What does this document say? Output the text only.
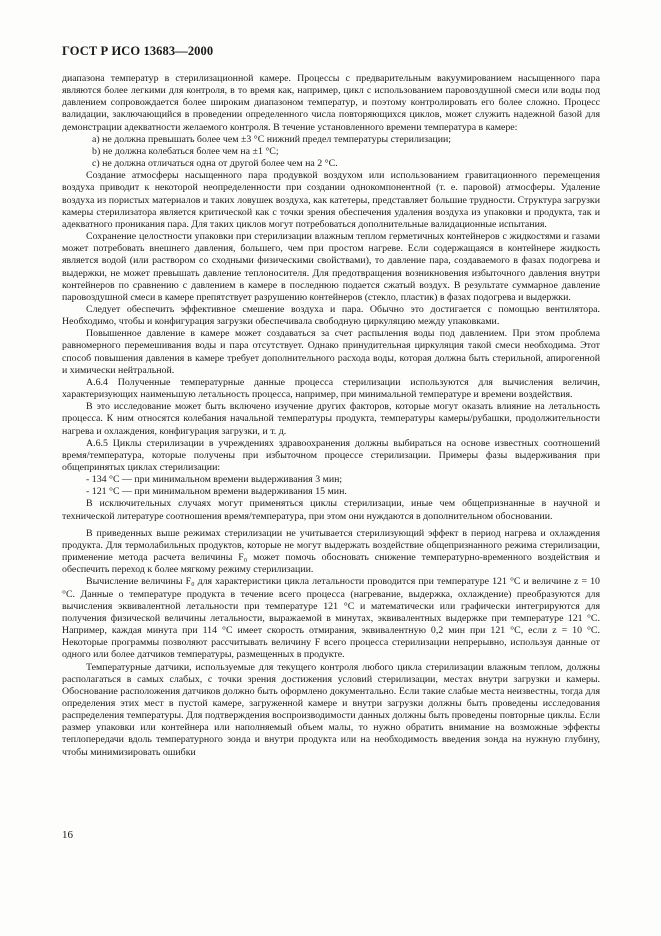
ГОСТ Р ИСО 13683—2000

диапазона температур в стерилизационной камере. Процессы с предварительным вакуумированием насыщенного пара являются более легкими для контроля, в то время как, например, цикл с использованием паровоздушной смеси или воды под давлением сопровождается более широким диапазоном температур, и поэтому контролировать его более сложно. Процесс валидации, заключающийся в проведении определенного числа повторяющихся циклов, может служить надежной базой для демонстрации адекватности желаемого контроля. В течение установленного времени температура в камере:

a) не должна превышать более чем ±3 °С нижний предел температуры стерилизации;

b) не должна колебаться более чем на ±1 °С;

c) не должна отличаться одна от другой более чем на 2 °С.

Создание атмосферы насыщенного пара продувкой воздухом или использованием гравитационного перемещения воздуха приводит к некоторой неопределенности при создании однокомпонентной (т. е. паровой) атмосферы. Удаление воздуха из пористых материалов и таких ловушек воздуха, как катетеры, представляет большие трудности. Структура загрузки камеры стерилизатора является критической как с точки зрения обеспечения удаления воздуха из упаковки и продукта, так и адекватного проникания пара. Для таких циклов могут потребоваться дополнительные валидационные испытания.

Сохранение целостности упаковки при стерилизации влажным теплом герметичных контейнеров с жидкостями и газами может потребовать внешнего давления, большего, чем при простом нагреве. Если содержащаяся в контейнере жидкость является водой (или раствором со сходными физическими свойствами), то давление пара, создаваемого в фазах подогрева и выдержки, не может превышать давление теплоносителя. Для предотвращения возникновения избыточного давления внутри контейнеров по сравнению с давлением в камере в последнюю подается сжатый воздух. В результате суммарное давление паровоздушной смеси в камере препятствует разрушению контейнеров (стекло, пластик) в фазах подогрева и выдержки.

Следует обеспечить эффективное смешение воздуха и пара. Обычно это достигается с помощью вентилятора. Необходимо, чтобы и конфигурация загрузки обеспечивала свободную циркуляцию между упаковками.

Повышенное давление в камере может создаваться за счет распыления воды под давлением. При этом проблема равномерного перемешивания воды и пара отсутствует. Однако принудительная циркуляция такой смеси необходима. Этот способ повышения давления в камере требует дополнительного расхода воды, которая должна быть стерильной, апирогенной и химически нейтральной.

А.6.4 Полученные температурные данные процесса стерилизации используются для вычисления величин, характеризующих наименьшую летальность процесса, например, при минимальной температуре и времени воздействия.

В это исследование может быть включено изучение других факторов, которые могут оказать влияние на летальность процесса. К ним относятся колебания начальной температуры продукта, температуры камеры/рубашки, продолжительности нагрева и охлаждения, конфигурация загрузки, и т. д.

А.6.5 Циклы стерилизации в учреждениях здравоохранения должны выбираться на основе известных соотношений время/температура, которые получены при избыточном процессе стерилизации. Примеры фазы выдерживания при общепринятых циклах стерилизации:

- 134 °С — при минимальном времени выдерживания 3 мин;

- 121 °С — при минимальном времени выдерживания 15 мин.

В исключительных случаях могут применяться циклы стерилизации, иные чем общепризнанные в научной и технической литературе соотношения время/температура, при этом они нуждаются в дополнительном обосновании.

В приведенных выше режимах стерилизации не учитывается стерилизующий эффект в период нагрева и охлаждения продукта. Для термолабильных продуктов, которые не могут выдержать воздействие общепризнанного режима стерилизации, применение метода расчета величины F₀ может помочь обосновать снижение температурно-временного воздействия и обеспечить переход к более мягкому режиму стерилизации.

Вычисление величины F₀ для характеристики цикла летальности проводится при температуре 121 °С и величине z = 10 °С. Данные о температуре продукта в течение всего процесса (нагревание, выдержка, охлаждение) преобразуются для вычисления эквивалентной летальности при температуре 121 °С и математически или графически интегрируются для получения физической величины летальности, выражаемой в минутах, эквивалентных выдержке при температуре 121 °С. Например, каждая минута при 114 °С имеет скорость отмирания, эквивалентную 0,2 мин при 121 °С, если z = 10 °С. Некоторые программы позволяют рассчитывать величину F всего процесса стерилизации непрерывно, используя данные от одного или более датчиков температуры, размещенных в продукте.

Температурные датчики, используемые для текущего контроля любого цикла стерилизации влажным теплом, должны располагаться в самых слабых, с точки зрения достижения условий стерилизации, местах внутри загрузки и камеры. Обоснование расположения датчиков должно быть оформлено документально. Если такие слабые места неизвестны, тогда для определения этих мест в пустой камере, загруженной камере и внутри загрузки должны быть проведены исследования распределения температуры. Для подтверждения воспроизводимости данных должны быть проведены повторные циклы. Если размер упаковки или контейнера или наполняемый объем малы, то нужно обратить внимание на возможные эффекты теплопередачи вдоль температурного зонда и внутри продукта или на необходимость введения зонда на нужную глубину, чтобы минимизировать ошибки

16
